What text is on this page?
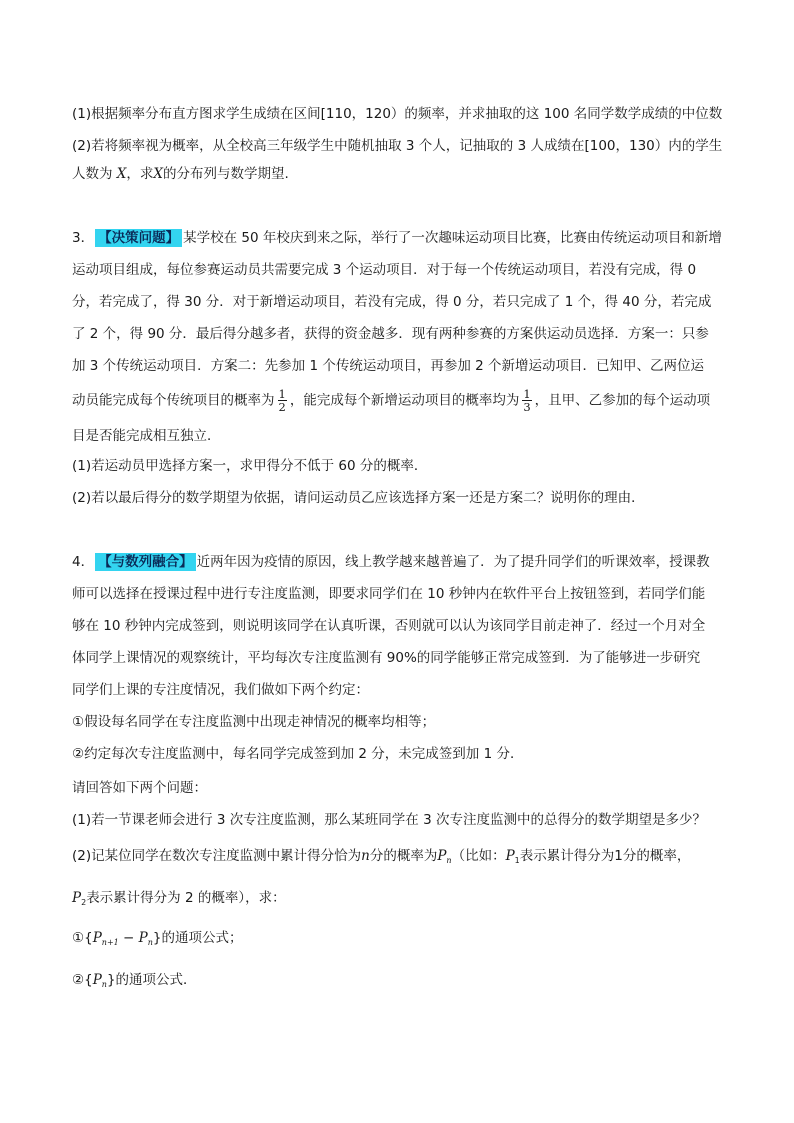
(1)根据频率分布直方图求学生成绩在区间[110，120）的频率，并求抽取的这 100 名同学数学成绩的中位数
(2)若将频率视为概率，从全校高三年级学生中随机抽取 3 个人，记抽取的 3 人成绩在[100，130）内的学生
人数为 X，求X的分布列与数学期望.
3． 【决策问题】 某学校在 50 年校庆到来之际，举行了一次趣味运动项目比赛，比赛由传统运动项目和新增
运动项目组成，每位参赛运动员共需要完成 3 个运动项目．对于每一个传统运动项目，若没有完成，得 0
分，若完成了，得 30 分．对于新增运动项目，若没有完成，得 0 分，若只完成了 1 个，得 40 分，若完成
了 2 个，得 90 分．最后得分越多者，获得的资金越多．现有两种参赛的方案供运动员选择．方案一：只参
加 3 个传统运动项目．方案二：先参加 1 个传统运动项目，再参加 2 个新增运动项目．已知甲、乙两位运
动员能完成每个传统项目的概率为 $\frac{1}{2}$ ，能完成每个新增运动项目的概率均为 $\frac{1}{3}$ ，且甲、乙参加的每个运动项
目是否能完成相互独立．
(1)若运动员甲选择方案一，求甲得分不低于 60 分的概率．
(2)若以最后得分的数学期望为依据，请问运动员乙应该选择方案一还是方案二？说明你的理由．
4． 【与数列融合】 近两年因为疫情的原因，线上教学越来越普遍了．为了提升同学们的听课效率，授课教
师可以选择在授课过程中进行专注度监测，即要求同学们在 10 秒钟内在软件平台上按钮签到，若同学们能
够在 10 秒钟内完成签到，则说明该同学在认真听课，否则就可以认为该同学目前走神了．经过一个月对全
体同学上课情况的观察统计，平均每次专注度监测有 90%的同学能够正常完成签到．为了能够进一步研究
同学们上课的专注度情况，我们做如下两个约定：
①假设每名同学在专注度监测中出现走神情况的概率均相等；
②约定每次专注度监测中，每名同学完成签到加 2 分，未完成签到加 1 分．
请回答如下两个问题：
(1)若一节课老师会进行 3 次专注度监测，那么某班同学在 3 次专注度监测中的总得分的数学期望是多少？
(2)记某位同学在数次专注度监测中累计得分恰为n分的概率为$P_n$（比如：$P_1$表示累计得分为1分的概率，
$P_2$表示累计得分为 2 的概率），求：
$①\{P_{n+1} - P_n\}$的通项公式；
$②\{P_n\}$的通项公式．
